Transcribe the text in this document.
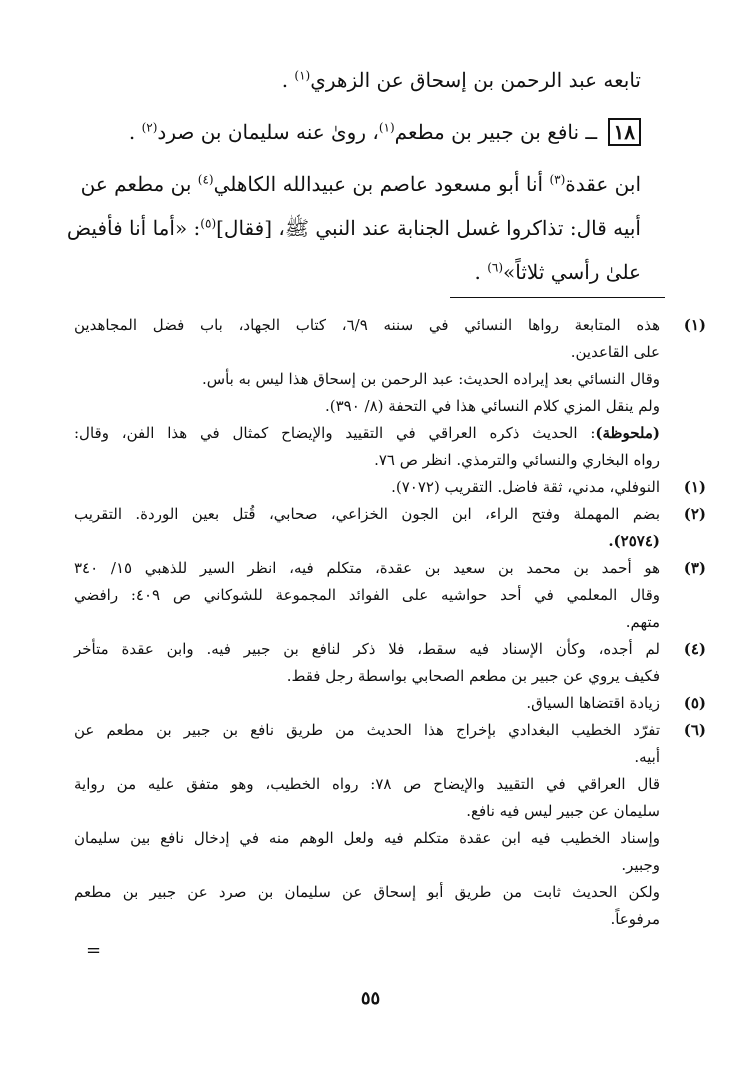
تابعه عبد الرحمن بن إسحاق عن الزهري$^{(١)}$ .
١٨ ــ نافع بن جبير بن مطعم$^{(١)}$، روىٰ عنه سليمان بن صرد$^{(٢)}$ .
ابن عقدة$^{(٣)}$ أنا أبو مسعود عاصم بن عبيدالله الكاهلي$^{(٤)}$ بن مطعم عن
أبيه قال: تذاكروا غسل الجنابة عند النبي ﷺ، [فقال]$^{(٥)}$: «أما أنا فأفيض
علىٰ رأسي ثلاثاً»$^{(٦)}$ .
(١)
هذه المتابعة رواها النسائي في سننه ٦/٩، كتاب الجهاد، باب فضل المجاهدين
على القاعدين.
وقال النسائي بعد إيراده الحديث: عبد الرحمن بن إسحاق هذا ليس به بأس.
ولم ينقل المزي كلام النسائي هذا في التحفة (٨/ ٣٩٠).
(ملحوظة): الحديث ذكره العراقي في التقييد والإيضاح كمثال في هذا الفن، وقال:
رواه البخاري والنسائي والترمذي. انظر ص ٧٦.
(١)
النوفلي، مدني، ثقة فاضل. التقريب (٧٠٧٢).
(٢)
بضم المهملة وفتح الراء، ابن الجون الخزاعي، صحابي، قُتل بعين الوردة. التقريب
(٢٥٧٤).
(٣)
هو أحمد بن محمد بن سعيد بن عقدة، متكلم فيه، انظر السير للذهبي ١٥/ ٣٤٠
وقال المعلمي في أحد حواشيه على الفوائد المجموعة للشوكاني ص ٤٠٩: رافضي
متهم.
(٤)
لم أجده، وكأن الإسناد فيه سقط، فلا ذكر لنافع بن جبير فيه. وابن عقدة متأخر
فكيف يروي عن جبير بن مطعم الصحابي بواسطة رجل فقط.
(٥)
زيادة اقتضاها السياق.
(٦)
تفرّد الخطيب البغدادي بإخراج هذا الحديث من طريق نافع بن جبير بن مطعم عن
أبيه.
قال العراقي في التقييد والإيضاح ص ٧٨: رواه الخطيب، وهو متفق عليه من رواية
سليمان عن جبير ليس فيه نافع.
وإسناد الخطيب فيه ابن عقدة متكلم فيه ولعل الوهم منه في إدخال نافع بين سليمان
وجبير.
ولكن الحديث ثابت من طريق أبو إسحاق عن سليمان بن صرد عن جبير بن مطعم
مرفوعاً.
=
٥٥
